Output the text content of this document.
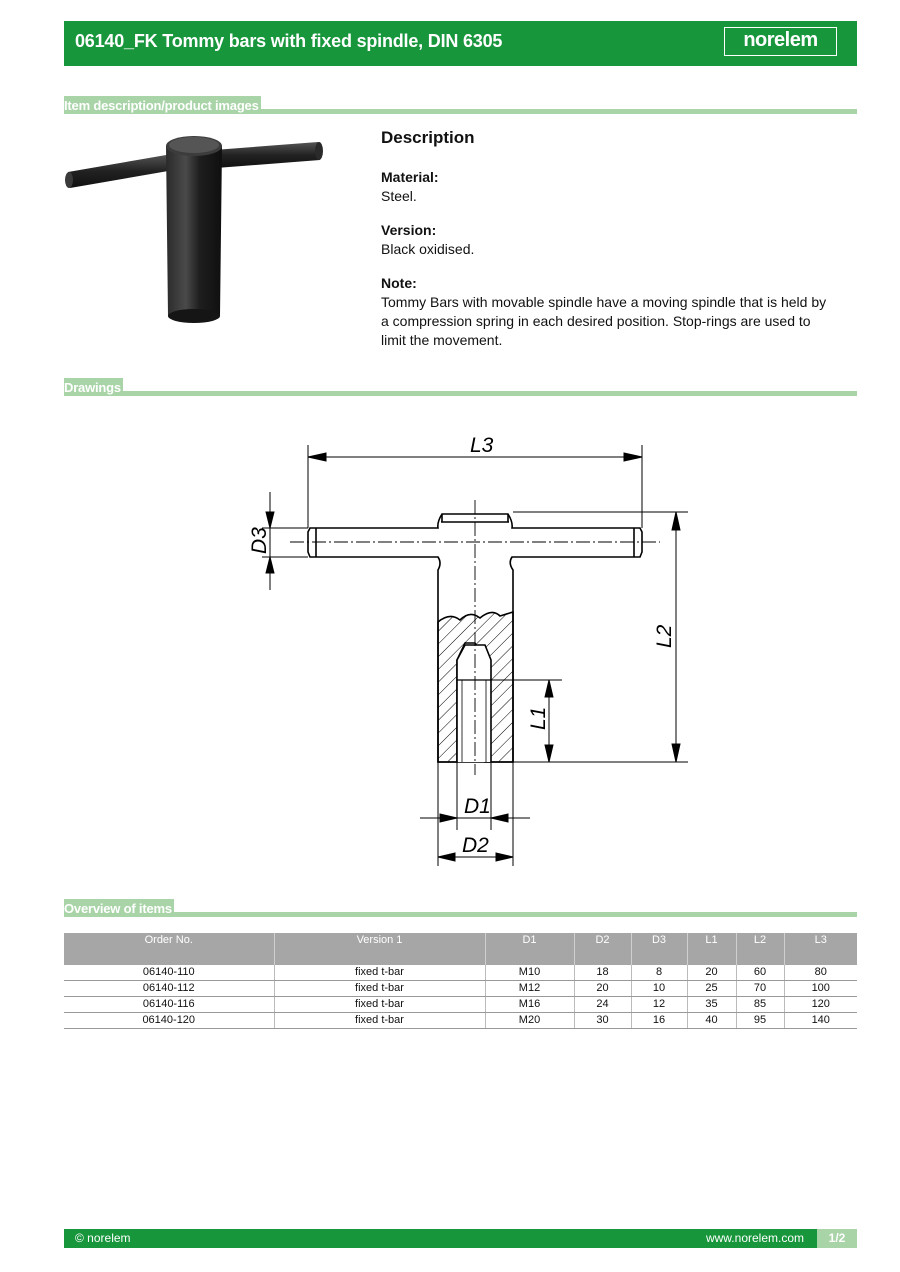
06140_FK Tommy bars with fixed spindle, DIN 6305	norelem
Item description/product images
Description
Material:
Steel.
Version:
Black oxidised.
Note:
Tommy Bars with movable spindle have a moving spindle that is held by a compression spring in each desired position. Stop-rings are used to limit the movement.
Drawings
L3
D3
L2
L1
D1
D2
Overview of items
Order No.	Version 1	D1	D2	D3	L1	L2	L3
06140-110	fixed t-bar	M10	18	8	20	60	80
06140-112	fixed t-bar	M12	20	10	25	70	100
06140-116	fixed t-bar	M16	24	12	35	85	120
06140-120	fixed t-bar	M20	30	16	40	95	140
© norelem	www.norelem.com	1/2
